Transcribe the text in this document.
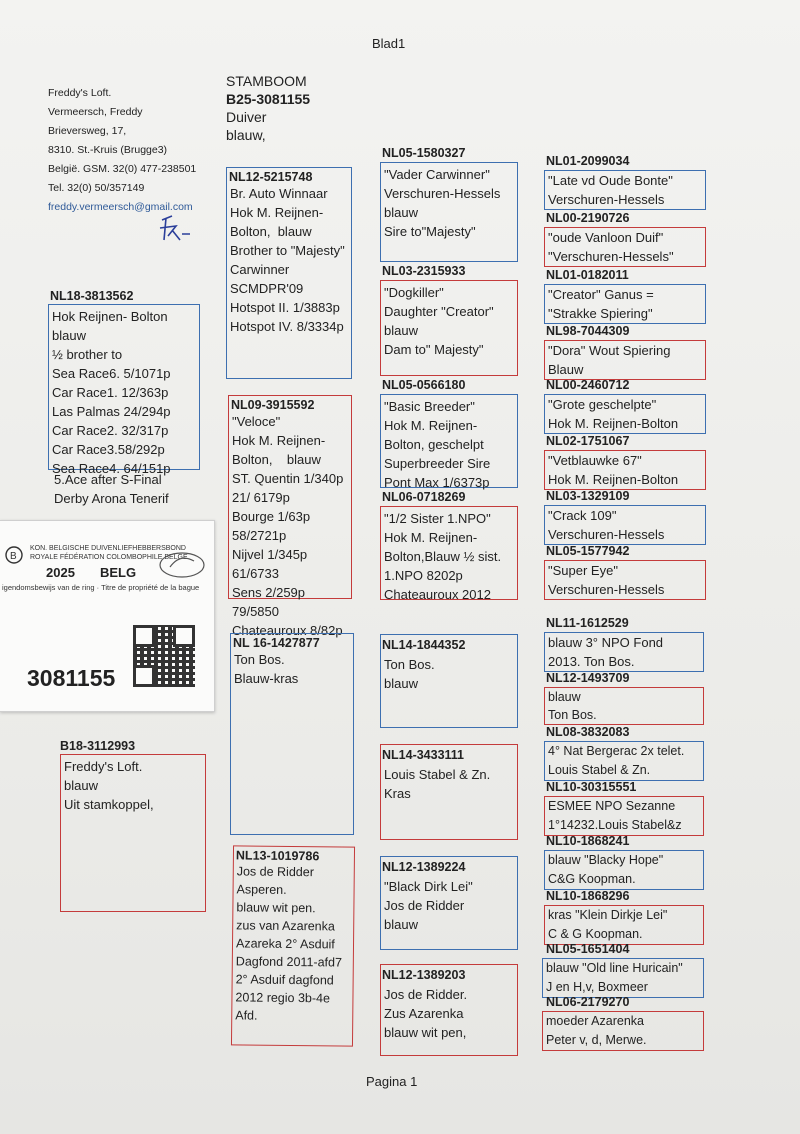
Blad1
Pagina 1
Freddy's Loft.
Vermeersch, Freddy
Brieversweg, 17,
8310. St.-Kruis (Brugge3)
België. GSM. 32(0) 477-238501
Tel. 32(0) 50/357149
freddy.vermeersch@gmail.com
STAMBOOM
B25-3081155
Duiver
blauw,
B
KON. BELGISCHE DUIVENLIEFHEBBERSBOND
ROYALE FÉDÉRATION COLOMBOPHILE BELGE
2025 BELG
igendomsbewijs van de ring · Titre de propriété de la bague
3081155
NL18-3813562
Hok Reijnen- Bolton
blauw
½ brother to
Sea Race6. 5/1071p
Car Race1. 12/363p
Las Palmas 24/294p
Car Race2. 32/317p
Car Race3.58/292p
Sea Race4. 64/151p
5.Ace after S-Final
Derby Arona Tenerif
B18-3112993
Freddy's Loft.
blauw
Uit stamkoppel,
NL12-5215748
Br. Auto Winnaar
Hok M. Reijnen-
Bolton,  blauw
Brother to "Majesty"
Carwinner
SCMDPR'09
Hotspot II. 1/3883p
Hotspot IV. 8/3334p
NL09-3915592
"Veloce"
Hok M. Reijnen-
Bolton,    blauw
ST. Quentin 1/340p
21/ 6179p
Bourge 1/63p
58/2721p
Nijvel 1/345p
61/6733
Sens 2/259p
79/5850
Chateauroux 8/82p
NL 16-1427877
Ton Bos.
Blauw-kras
NL13-1019786
Jos de Ridder
Asperen.
blauw wit pen.
zus van Azarenka
Azareka 2° Asduif
Dagfond 2011-afd7
2° Asduif dagfond
2012 regio 3b-4e
Afd.
NL05-1580327
"Vader Carwinner"
Verschuren-Hessels
blauw
Sire to"Majesty"
NL03-2315933
"Dogkiller"
Daughter "Creator"
blauw
Dam to" Majesty"
NL05-0566180
"Basic Breeder"
Hok M. Reijnen-
Bolton, geschelpt
Superbreeder Sire
Pont Max 1/6373p
NL06-0718269
"1/2 Sister 1.NPO"
Hok M. Reijnen-
Bolton,Blauw ½ sist.
1.NPO 8202p
Chateauroux 2012
NL14-1844352
Ton Bos.
blauw
NL14-3433111
Louis Stabel & Zn.
Kras
NL12-1389224
"Black Dirk Lei"
Jos de Ridder
blauw
NL12-1389203
Jos de Ridder.
Zus Azarenka
blauw wit pen,
NL01-2099034
"Late vd Oude Bonte"
Verschuren-Hessels
NL00-2190726
"oude Vanloon Duif"
"Verschuren-Hessels"
NL01-0182011
"Creator" Ganus =
"Strakke Spiering"
NL98-7044309
"Dora" Wout Spiering
Blauw
NL00-2460712
"Grote geschelpte"
Hok M. Reijnen-Bolton
NL02-1751067
"Vetblauwke 67"
Hok M. Reijnen-Bolton
NL03-1329109
"Crack 109"
Verschuren-Hessels
NL05-1577942
"Super Eye"
Verschuren-Hessels
NL11-1612529
blauw 3° NPO Fond
2013. Ton Bos.
NL12-1493709
blauw
Ton Bos.
NL08-3832083
4° Nat Bergerac 2x telet.
Louis Stabel & Zn.
NL10-30315551
ESMEE NPO Sezanne
1°14232.Louis Stabel&z
NL10-1868241
blauw "Blacky Hope"
C&G Koopman.
NL10-1868296
kras "Klein Dirkje Lei"
C & G Koopman.
NL05-1651404
blauw "Old line Huricain"
J en H,v, Boxmeer
NL06-2179270
moeder Azarenka
Peter v, d, Merwe.
